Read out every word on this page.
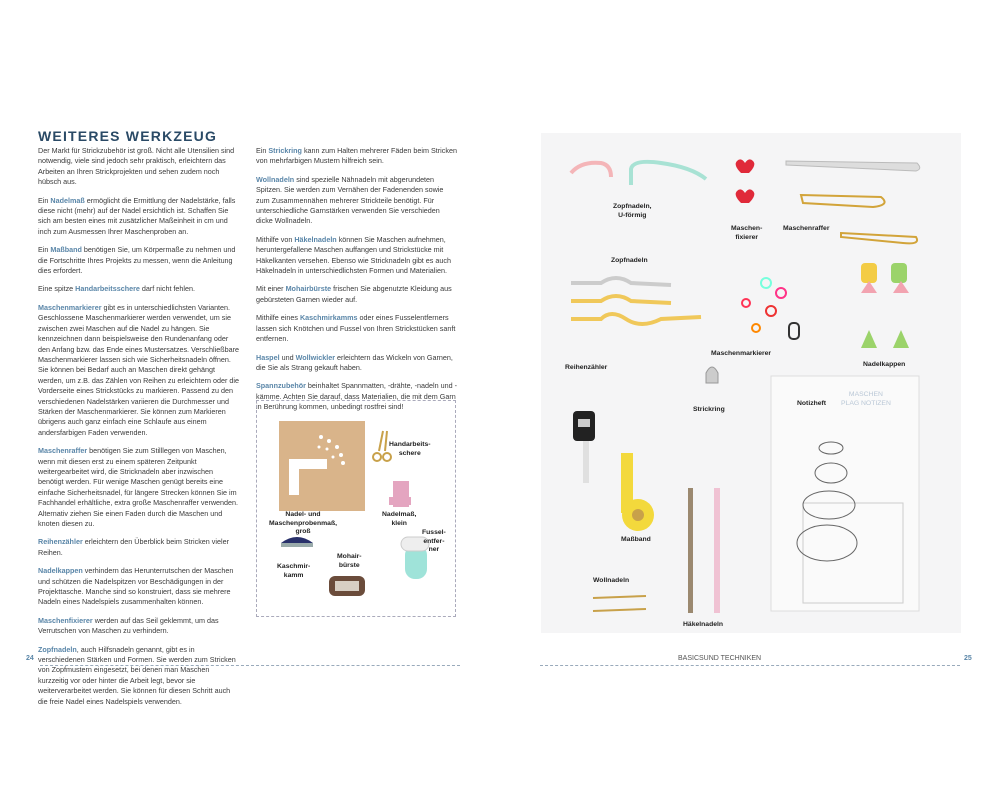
WEITERES WERKZEUG

Der Markt für Strickzubehör ist groß. Nicht alle Utensilien sind notwendig, viele sind jedoch sehr praktisch, erleichtern das Arbeiten an Ihren Strickprojekten und sehen zudem noch hübsch aus.

Ein Nadelmaß ermöglicht die Ermittlung der Nadelstärke, falls diese nicht (mehr) auf der Nadel ersichtlich ist. Schaffen Sie sich am besten eines mit zusätzlicher Maßeinheit in cm und inch zum Ausmessen Ihrer Maschenproben an.

Ein Maßband benötigen Sie, um Körpermaße zu nehmen und die Fortschritte Ihres Projekts zu messen, wenn die Anleitung dies erfordert.

Eine spitze Handarbeitsschere darf nicht fehlen.

Maschenmarkierer gibt es in unterschiedlichsten Varianten. Geschlossene Maschenmarkierer werden verwendet, um sie zwischen zwei Maschen auf die Nadel zu hängen. Sie kennzeichnen dann beispielsweise den Rundenanfang oder den Anfang bzw. das Ende eines Mustersatzes. Verschließbare Maschenmarkierer lassen sich wie Sicherheitsnadeln öffnen. Sie können bei Bedarf auch an Maschen direkt gehängt werden, um z.B. das Zählen von Reihen zu erleichtern oder die Vorderseite eines Strickstücks zu markieren. Passend zu den verschiedenen Nadelstärken variieren die Durchmesser und Stärken der Maschenmarkierer. Sie können zum Markieren übrigens auch ganz einfach eine Schlaufe aus einem andersfarbigen Faden verwenden.

Maschenraffer benötigen Sie zum Stilllegen von Maschen, wenn mit diesen erst zu einem späteren Zeitpunkt weitergearbeitet wird, die Stricknadeln aber inzwischen benötigt werden. Für wenige Maschen genügt bereits eine einfache Sicherheitsnadel, für längere Strecken können Sie im Fachhandel erhältliche, extra große Maschenraffer verwenden. Alternativ ziehen Sie einen Faden durch die Maschen und knoten diesen zu.

Reihenzähler erleichtern den Überblick beim Stricken vieler Reihen.

Nadelkappen verhindern das Herunterrutschen der Maschen und schützen die Nadelspitzen vor Beschädigungen in der Projekttasche. Manche sind so konstruiert, dass sie mehrere Nadeln eines Nadelspiels zusammenhalten können.

Maschenfixierer werden auf das Seil geklemmt, um das Verrutschen von Maschen zu verhindern.

Zopfnadeln, auch Hilfsnadeln genannt, gibt es in verschiedenen Stärken und Formen. Sie werden zum Stricken von Zopfmustern eingesetzt, bei denen man Maschen kurzzeitig vor oder hinter die Arbeit legt, bevor sie weiterverarbeitet werden. Sie können für diesen Schritt auch die freie Nadel eines Nadelspiels verwenden.

Ein Strickring kann zum Halten mehrerer Fäden beim Stricken von mehrfarbigen Mustern hilfreich sein.

Wollnadeln sind spezielle Nähnadeln mit abgerundeten Spitzen. Sie werden zum Vernähen der Fadenenden sowie zum Zusammennähen mehrerer Strickteile benötigt. Für unterschiedliche Garnstärken verwenden Sie verschieden dicke Wollnadeln.

Mithilfe von Häkelnadeln können Sie Maschen aufnehmen, heruntergefallene Maschen auffangen und Strickstücke mit Häkelkanten versehen. Ebenso wie Stricknadeln gibt es auch Häkelnadeln in unterschiedlichsten Formen und Materialien.

Mit einer Mohairbürste frischen Sie abgenutzte Kleidung aus gebürsteten Garnen wieder auf.

Mithilfe eines Kaschmirkamms oder eines Fusselentferners lassen sich Knötchen und Fussel von Ihren Strickstücken sanft entfernen.

Haspel und Wollwickler erleichtern das Wickeln von Garnen, die Sie als Strang gekauft haben.

Spannzubehör beinhaltet Spannmatten, -drähte, -nadeln und -kämme. Achten Sie darauf, dass Materialien, die mit dem Garn in Berührung kommen, unbedingt rostfrei sind!

Handarbeits-
schere
Nadel- und
Maschenprobenmaß,
groß
Nadelmaß,
klein
Fussel-
entfer-
ner
Kaschmir-
kamm
Mohair-
bürste
Zopfnadeln,
U-förmig
Maschen-
fixierer
Maschenraffer
Zopfnadeln
Maschenmarkierer
Nadelkappen
Reihenzähler
Strickring
Notizheft
MASCHEN
PLAG NOTIZEN
Maßband
Wollnadeln
Häkelnadeln
24	BASICSUND TECHNIKEN	25
